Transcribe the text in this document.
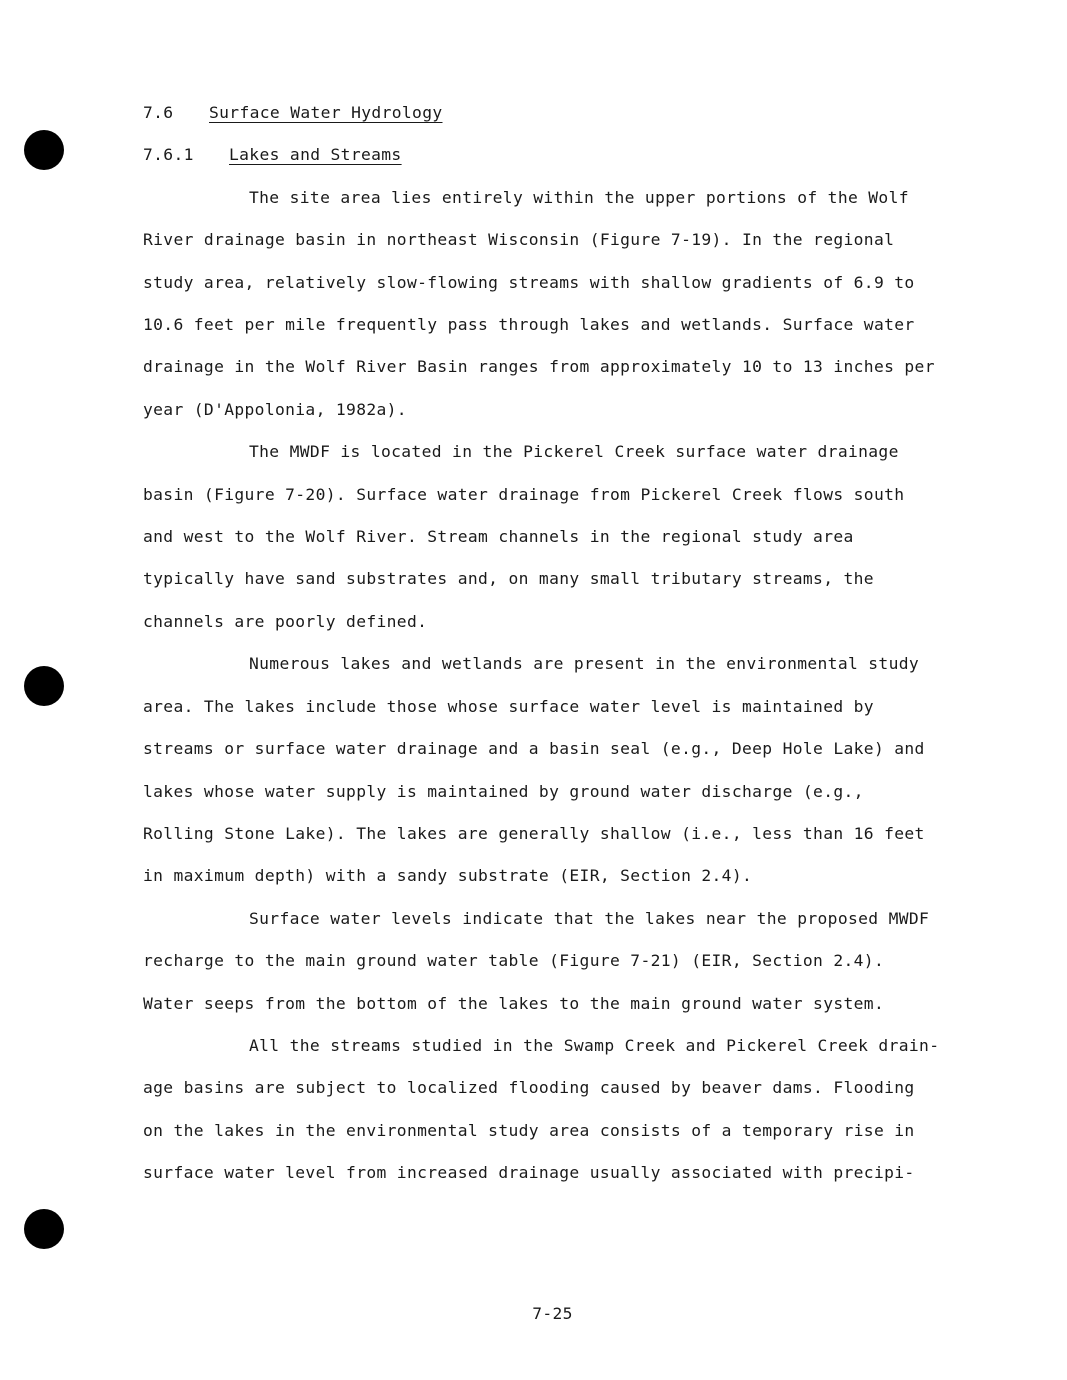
7.6 Surface Water Hydrology
7.6.1 Lakes and Streams

The site area lies entirely within the upper portions of the Wolf
River drainage basin in northeast Wisconsin (Figure 7-19). In the regional
study area, relatively slow-flowing streams with shallow gradients of 6.9 to
10.6 feet per mile frequently pass through lakes and wetlands. Surface water
drainage in the Wolf River Basin ranges from approximately 10 to 13 inches per
year (D'Appolonia, 1982a).

The MWDF is located in the Pickerel Creek surface water drainage
basin (Figure 7-20). Surface water drainage from Pickerel Creek flows south
and west to the Wolf River. Stream channels in the regional study area
typically have sand substrates and, on many small tributary streams, the
channels are poorly defined.

Numerous lakes and wetlands are present in the environmental study
area. The lakes include those whose surface water level is maintained by
streams or surface water drainage and a basin seal (e.g., Deep Hole Lake) and
lakes whose water supply is maintained by ground water discharge (e.g.,
Rolling Stone Lake). The lakes are generally shallow (i.e., less than 16 feet
in maximum depth) with a sandy substrate (EIR, Section 2.4).

Surface water levels indicate that the lakes near the proposed MWDF
recharge to the main ground water table (Figure 7-21) (EIR, Section 2.4).
Water seeps from the bottom of the lakes to the main ground water system.

All the streams studied in the Swamp Creek and Pickerel Creek drain-
age basins are subject to localized flooding caused by beaver dams. Flooding
on the lakes in the environmental study area consists of a temporary rise in
surface water level from increased drainage usually associated with precipi-

7-25
